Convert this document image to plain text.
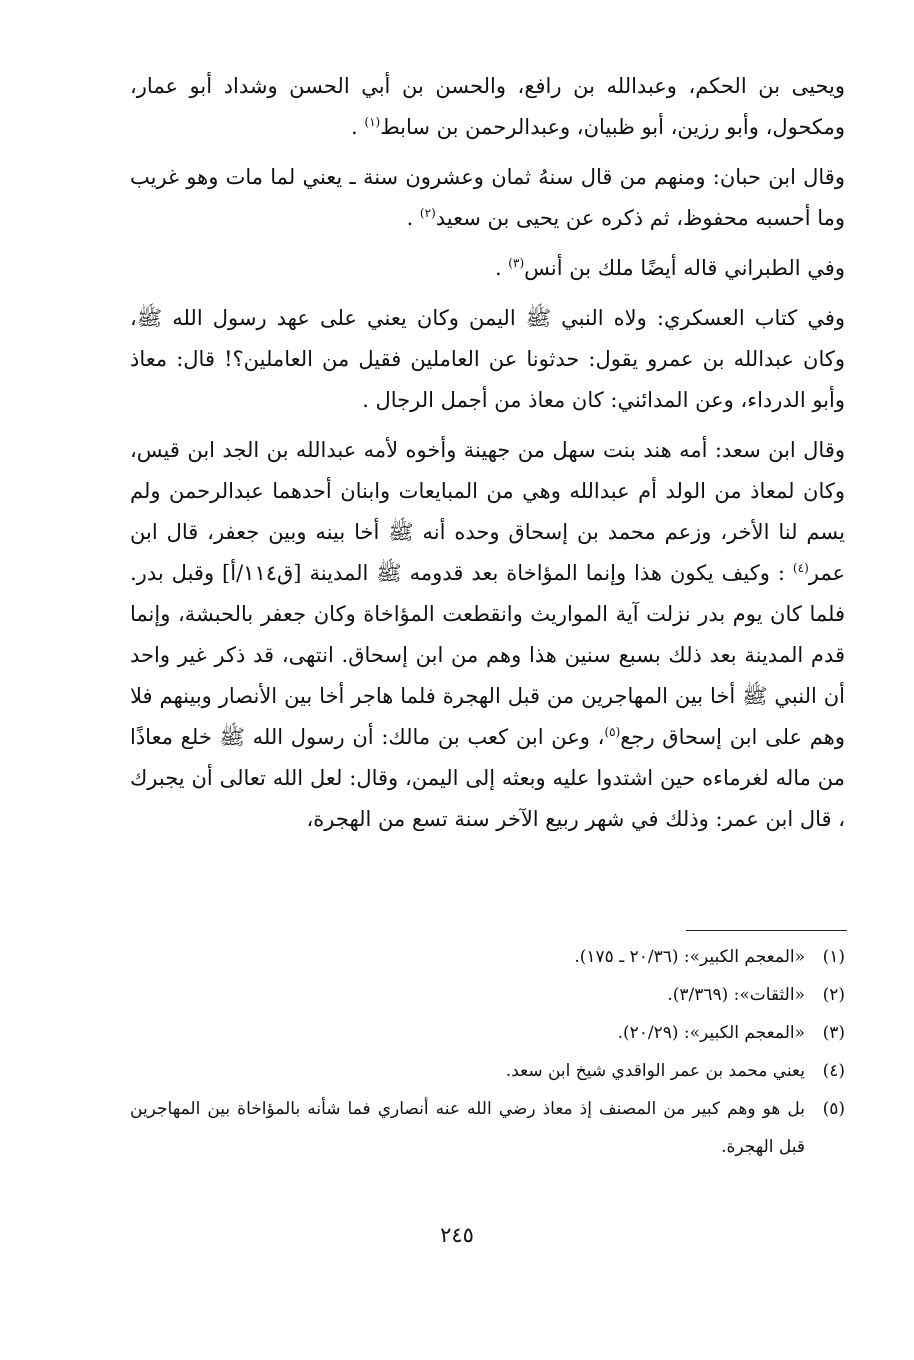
ويحيى بن الحكم، وعبدالله بن رافع، والحسن بن أبي الحسن وشداد أبو عمار، ومكحول، وأبو رزين، أبو ظبيان، وعبدالرحمن بن سابط$^{(١)}$ .

وقال ابن حبان: ومنهم من قال سنهُ ثمان وعشرون سنة ـ يعني لما مات وهو غريب وما أحسبه محفوظ، ثم ذكره عن يحيى بن سعيد$^{(٢)}$ .

وفي الطبراني قاله أيضًا ملك بن أنس$^{(٣)}$ .

وفي كتاب العسكري: ولاه النبي ﷺ اليمن وكان يعني على عهد رسول الله ﷺ، وكان عبدالله بن عمرو يقول: حدثونا عن العاملين فقيل من العاملين؟! قال: معاذ وأبو الدرداء، وعن المدائني: كان معاذ من أجمل الرجال .

وقال ابن سعد: أمه هند بنت سهل من جهينة وأخوه لأمه عبدالله بن الجد ابن قيس، وكان لمعاذ من الولد أم عبدالله وهي من المبايعات وابنان أحدهما عبدالرحمن ولم يسم لنا الأخر، وزعم محمد بن إسحاق وحده أنه ﷺ أخا بينه وبين جعفر، قال ابن عمر$^{(٤)}$ : وكيف يكون هذا وإنما المؤاخاة بعد قدومه ﷺ المدينة [ق١١٤/أ] وقبل بدر. فلما كان يوم بدر نزلت آية المواريث وانقطعت المؤاخاة وكان جعفر بالحبشة، وإنما قدم المدينة بعد ذلك بسبع سنين هذا وهم من ابن إسحاق. انتهى، قد ذكر غير واحد أن النبي ﷺ أخا بين المهاجرين من قبل الهجرة فلما هاجر أخا بين الأنصار وبينهم فلا وهم على ابن إسحاق رجع$^{(٥)}$، وعن ابن كعب بن مالك: أن رسول الله ﷺ خلع معاذًا من ماله لغرماءه حين اشتدوا عليه وبعثه إلى اليمن، وقال: لعل الله تعالى أن يجبرك ، قال ابن عمر: وذلك في شهر ربيع الآخر سنة تسع من الهجرة،

(١)
«المعجم الكبير»: (٢٠/٣٦ ـ ١٧٥).

(٢)
«الثقات»: (٣/٣٦٩).

(٣)
«المعجم الكبير»: (٢٠/٢٩).

(٤)
يعني محمد بن عمر الواقدي شيخ ابن سعد.

(٥)
بل هو وهم كبير من المصنف إذ معاذ رضي الله عنه أنصاري فما شأنه بالمؤاخاة بين المهاجرين قبل الهجرة.

٢٤٥
